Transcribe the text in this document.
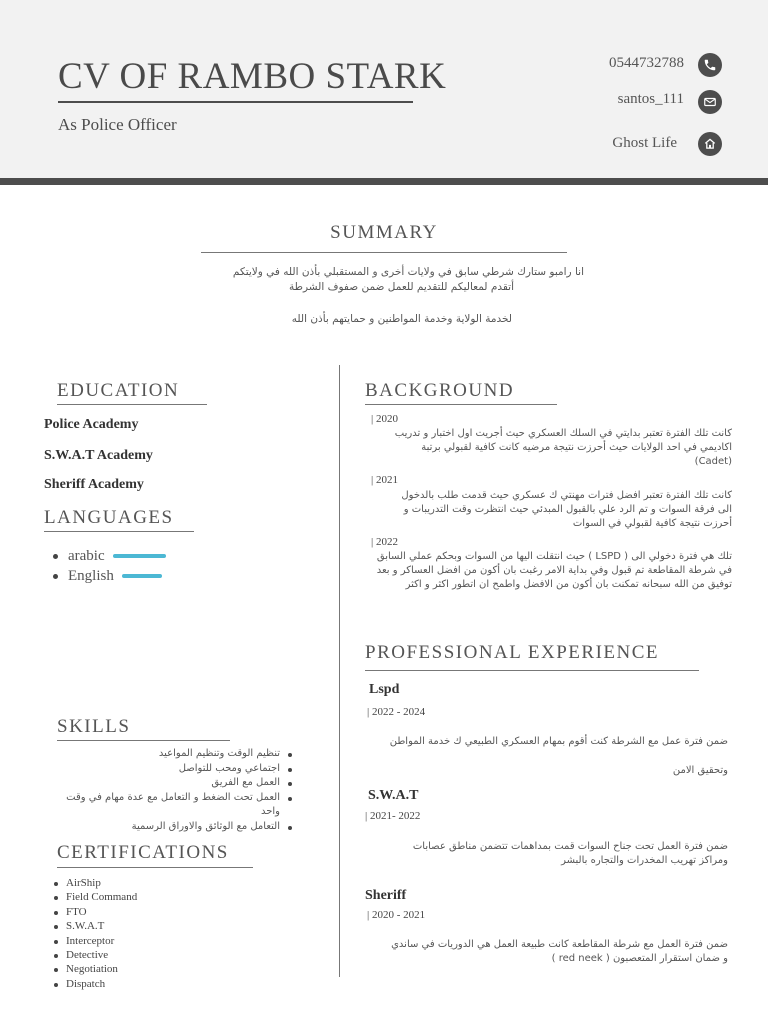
CV OF RAMBO STARK
As Police Officer
0544732788
santos_111
Ghost Life
SUMMARY
انا رامبو ستارك شرطي سابق في ولايات أخرى و المستقبلي بأذن الله في ولايتكم
أتقدم لمعاليكم للتقديم للعمل ضمن صفوف الشرطة
لخدمة الولاية وخدمة المواطنين و حمايتهم بأذن الله
EDUCATION
Police Academy
S.W.A.T Academy
Sheriff Academy
LANGUAGES
arabic
English
SKILLS
تنظيم الوقت وتنظيم المواعيد
اجتماعي ومحب للتواصل
العمل مع الفريق
العمل تحت الضغط و التعامل مع عدة مهام في وقت واحد
التعامل مع الوثائق والاوراق الرسمية
CERTIFICATIONS
AirShip
Field Command
FTO
S.W.A.T
Interceptor
Detective
Negotiation
Dispatch
BACKGROUND
| 2020
كانت تلك الفترة تعتبر بدايتي في السلك العسكري حيث أجريت اول اختبار و تدريب
اكاديمي في احد الولايات حيث أحرزت نتيجة مرضيه كانت كافية لقبولي برتبة
(Cadet)
| 2021
كانت تلك الفترة تعتبر افضل فترات مهنتي ك عسكري حيث قدمت طلب بالدخول
الى فرقة السوات و تم الرد علي بالقبول المبدئي حيث انتظرت وقت التدريبات و
أحرزت نتيجة كافية لقبولي في السوات
| 2022
تلك هي فترة دخولي الى ( LSPD ) حيث انتقلت اليها من السوات وبحكم عملي السابق
في شرطة المقاطعة تم قبول وفي بداية الامر رغبت بان أكون من افضل العساكر و بعد
توفيق من الله سبحانه تمكنت بان أكون من الافضل واطمح ان اتطور اكثر و اكثر
PROFESSIONAL EXPERIENCE
Lspd
| 2022 - 2024
ضمن فترة عمل مع الشرطة كنت أقوم بمهام العسكري الطبيعي ك خدمة المواطن
وتحقيق الامن
S.W.A.T
| 2021- 2022
ضمن فترة العمل تحت جناح السوات قمت بمداهمات تتضمن مناطق عصابات
ومراكز تهريب المخدرات والتجاره بالبشر
Sheriff
| 2020 - 2021
ضمن فترة العمل مع شرطة المقاطعة كانت طبيعة العمل هي الدوريات في ساندي
و ضمان استقرار المتعصبون ( red neek )
